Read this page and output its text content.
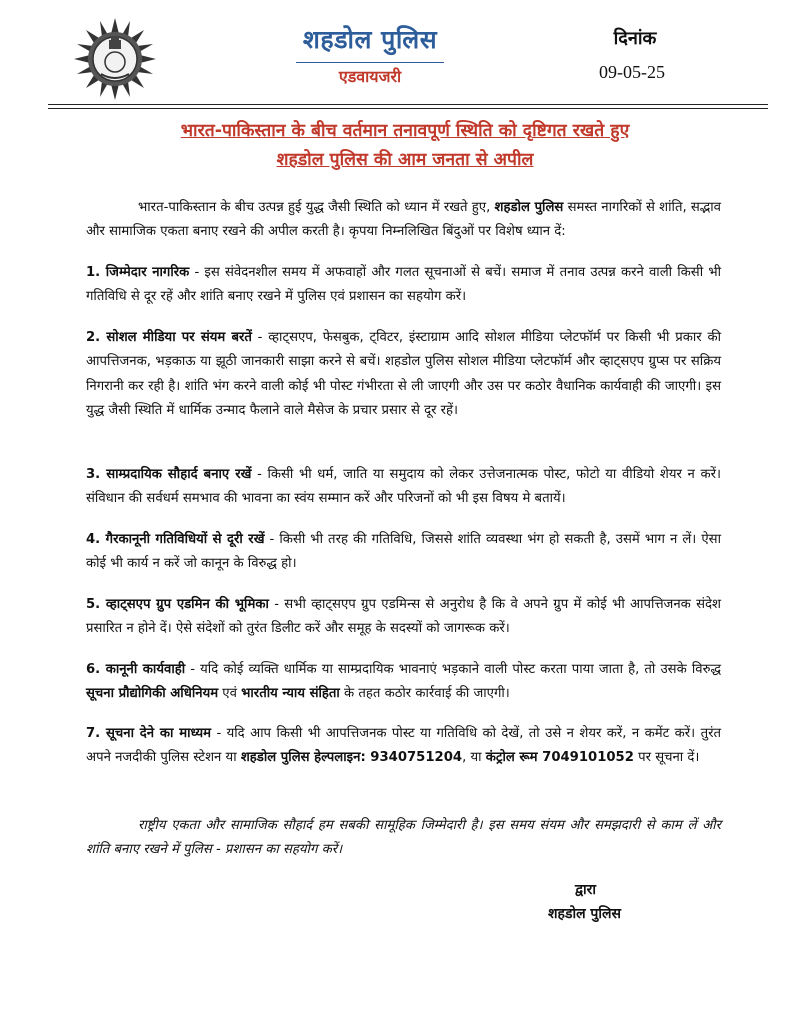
शहडोल पुलिस
एडवायजरी
दिनांक
09-05-25
भारत-पाकिस्तान के बीच वर्तमान तनावपूर्ण स्थिति को दृष्टिगत रखते हुए
शहडोल पुलिस की आम जनता से अपील

भारत-पाकिस्तान के बीच उत्पन्न हुई युद्ध जैसी स्थिति को ध्यान में रखते हुए, शहडोल पुलिस समस्त नागरिकों से शांति, सद्भाव और सामाजिक एकता बनाए रखने की अपील करती है। कृपया निम्नलिखित बिंदुओं पर विशेष ध्यान दें:

1. जिम्मेदार नागरिक - इस संवेदनशील समय में अफवाहों और गलत सूचनाओं से बचें। समाज में तनाव उत्पन्न करने वाली किसी भी गतिविधि से दूर रहें और शांति बनाए रखने में पुलिस एवं प्रशासन का सहयोग करें।

2. सोशल मीडिया पर संयम बरतें - व्हाट्सएप, फेसबुक, ट्विटर, इंस्टाग्राम आदि सोशल मीडिया प्लेटफॉर्म पर किसी भी प्रकार की आपत्तिजनक, भड़काऊ या झूठी जानकारी साझा करने से बचें। शहडोल पुलिस सोशल मीडिया प्लेटफॉर्म और व्हाट्सएप ग्रुप्स पर सक्रिय निगरानी कर रही है। शांति भंग करने वाली कोई भी पोस्ट गंभीरता से ली जाएगी और उस पर कठोर वैधानिक कार्यवाही की जाएगी। इस युद्ध जैसी स्थिति में धार्मिक उन्माद फैलाने वाले मैसेज के प्रचार प्रसार से दूर रहें।

3. साम्प्रदायिक सौहार्द बनाए रखें - किसी भी धर्म, जाति या समुदाय को लेकर उत्तेजनात्मक पोस्ट, फोटो या वीडियो शेयर न करें। संविधान की सर्वधर्म समभाव की भावना का स्वंय सम्मान करें और परिजनों को भी इस विषय मे बतायें।

4. गैरकानूनी गतिविधियों से दूरी रखें - किसी भी तरह की गतिविधि, जिससे शांति व्यवस्था भंग हो सकती है, उसमें भाग न लें। ऐसा कोई भी कार्य न करें जो कानून के विरुद्ध हो।

5. व्हाट्सएप ग्रुप एडमिन की भूमिका - सभी व्हाट्सएप ग्रुप एडमिन्स से अनुरोध है कि वे अपने ग्रुप में कोई भी आपत्तिजनक संदेश प्रसारित न होने दें। ऐसे संदेशों को तुरंत डिलीट करें और समूह के सदस्यों को जागरूक करें।

6. कानूनी कार्यवाही - यदि कोई व्यक्ति धार्मिक या साम्प्रदायिक भावनाएं भड़काने वाली पोस्ट करता पाया जाता है, तो उसके विरुद्ध सूचना प्रौद्योगिकी अधिनियम एवं भारतीय न्याय संहिता के तहत कठोर कार्रवाई की जाएगी।

7. सूचना देने का माध्यम - यदि आप किसी भी आपत्तिजनक पोस्ट या गतिविधि को देखें, तो उसे न शेयर करें, न कमेंट करें। तुरंत अपने नजदीकी पुलिस स्टेशन या शहडोल पुलिस हेल्पलाइन: 9340751204, या कंट्रोल रूम 7049101052 पर सूचना दें।

राष्ट्रीय एकता और सामाजिक सौहार्द हम सबकी सामूहिक जिम्मेदारी है। इस समय संयम और समझदारी से काम लें और शांति बनाए रखने में पुलिस - प्रशासन का सहयोग करें।

द्वारा
शहडोल पुलिस
